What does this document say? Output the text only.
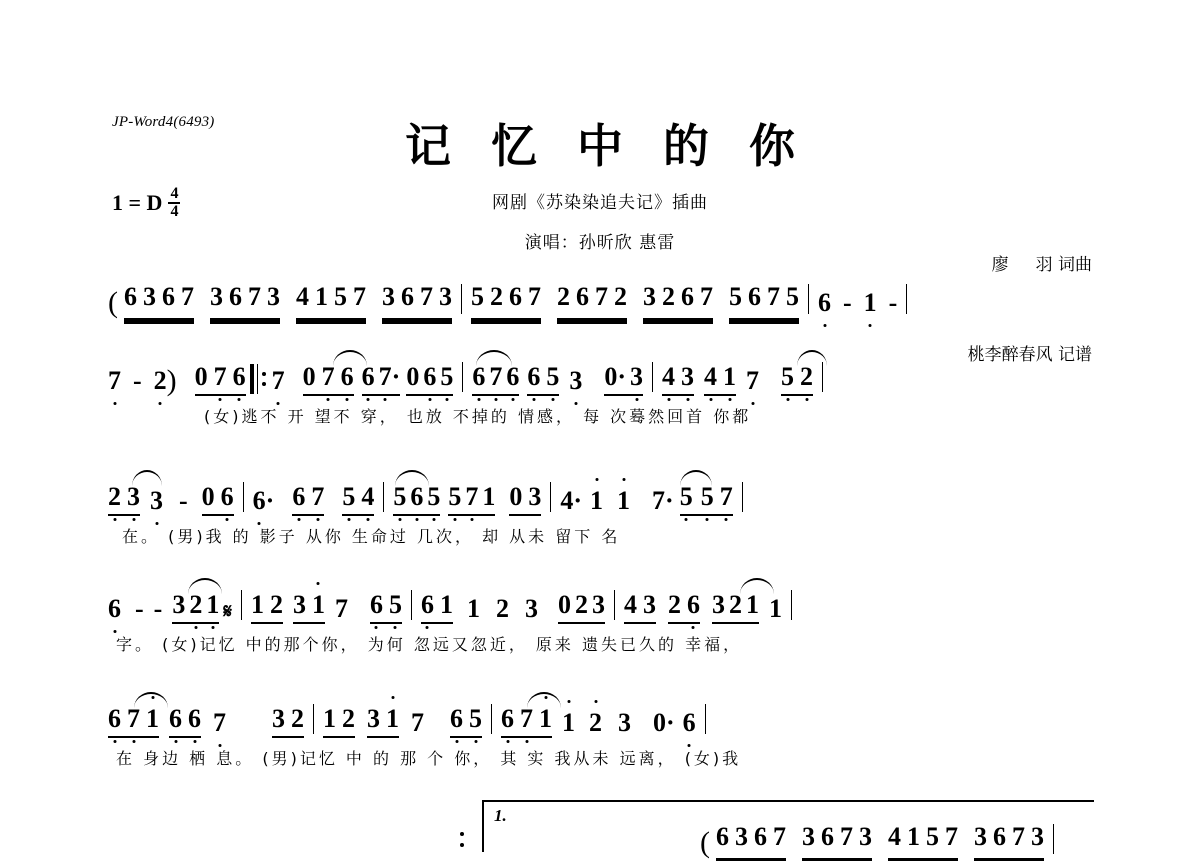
JP-Word4(6493)	记 忆 中 的 你
网剧《苏染染追夫记》插曲
演唱：孙昕欣 惠雷
1 = D $\frac{4}{4}$

廖     羽 词曲

桃李醉春风 记谱

( 6 3 6 7 3 6 7 3 4 1 5 7 3 6 7 3 5 2 6 7 2 6 7 2 3 2 6 7 5 6 7 5 6 - 1 -
7 - 2 ) 0 7 6 7 0 7 6 6 7· 0 6 5 6 7 6 6 5 3 0· 3 4 3 4 1 7 5 2
(女)逃不 开 望不 穿， 也放 不掉的 情感， 每 次蓦然回首 你都
2 3 3 - 0 6 6 · 6 7 5 4 5 6 5 5 7 1 0 3 4 · 1 1 7 · 5 5 7
在。 (男)我 的 影子 从你 生命过 几次， 却 从未 留下 名
6 - - 3 2 1 𝄋 1 2 3 1 7 6 5 6 1 1 2 3 0 2 3 4 3 2 6 3 2 1 1
字。 (女)记忆 中的那个你， 为何 忽远又忽近， 原来 遗失已久的 幸福，
6 7 1 6 6 7 3 2 1 2 3 1 7 6 5 6 7 1 1 2 3 0 · 6
在 身边 栖 息。 (男)记忆 中 的 那 个 你， 其 实 我从未 远离， (女)我
1.
( 6 3 6 7 3 6 7 3 4 1 5 7 3 6 7 3
